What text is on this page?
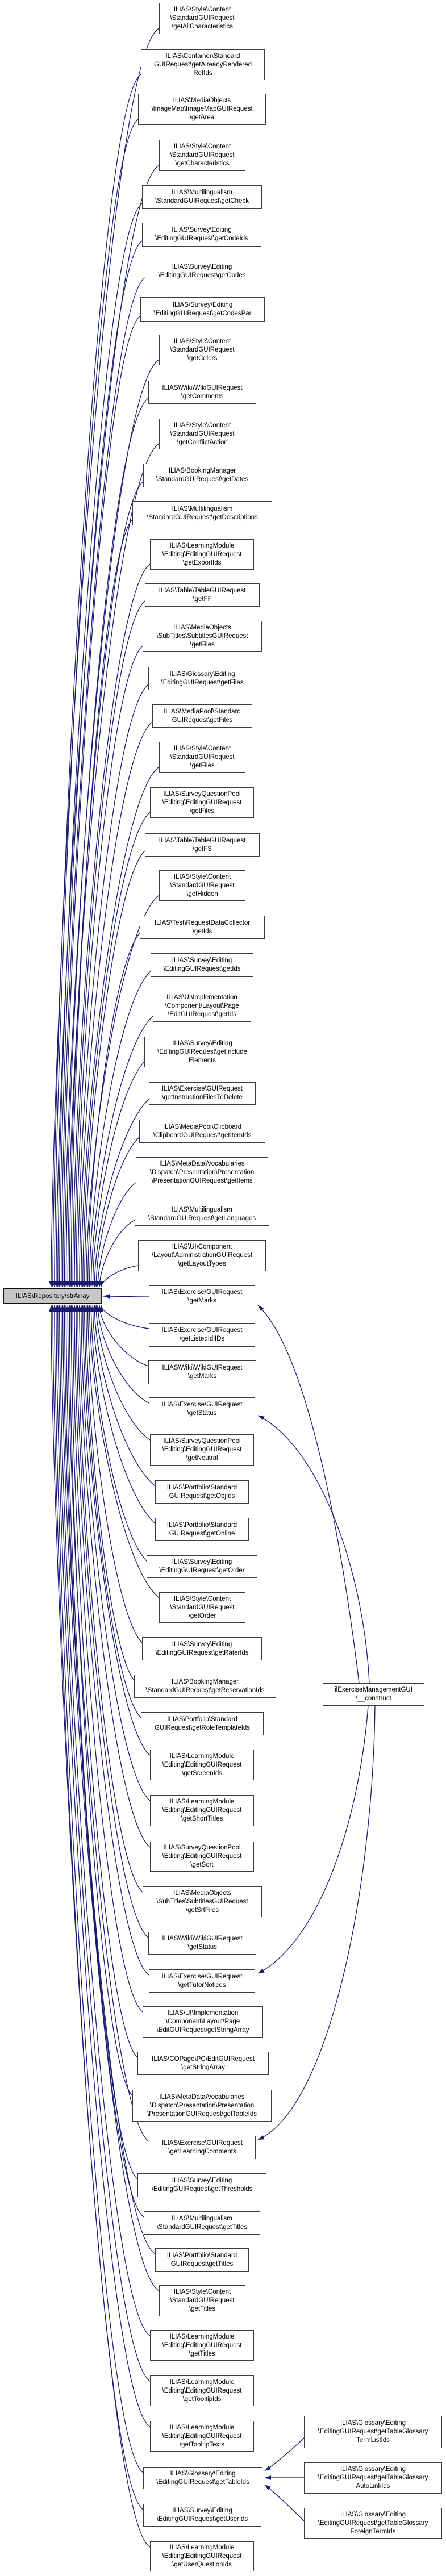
ILIAS\Repository\strArray
ILIAS\Style\Content
\StandardGUIRequest
\getAllCharacteristics
ILIAS\Container\Standard
GUIRequest\getAlreadyRendered
RefIds
ILIAS\MediaObjects
\ImageMap\ImageMapGUIRequest
\getArea
ILIAS\Style\Content
\StandardGUIRequest
\getCharacteristics
ILIAS\Multilingualism
\StandardGUIRequest\getCheck
ILIAS\Survey\Editing
\EditingGUIRequest\getCodeIds
ILIAS\Survey\Editing
\EditingGUIRequest\getCodes
ILIAS\Survey\Editing
\EditingGUIRequest\getCodesPar
ILIAS\Style\Content
\StandardGUIRequest
\getColors
ILIAS\Wiki\WikiGUIRequest
\getComments
ILIAS\Style\Content
\StandardGUIRequest
\getConflictAction
ILIAS\BookingManager
\StandardGUIRequest\getDates
ILIAS\Multilingualism
\StandardGUIRequest\getDescriptions
ILIAS\LearningModule
\Editing\EditingGUIRequest
\getExportIds
ILIAS\Table\TableGUIRequest
\getFF
ILIAS\MediaObjects
\SubTitles\SubtitlesGUIRequest
\getFiles
ILIAS\Glossary\Editing
\EditingGUIRequest\getFiles
ILIAS\MediaPool\Standard
GUIRequest\getFiles
ILIAS\Style\Content
\StandardGUIRequest
\getFiles
ILIAS\SurveyQuestionPool
\Editing\EditingGUIRequest
\getFiles
ILIAS\Table\TableGUIRequest
\getFS
ILIAS\Style\Content
\StandardGUIRequest
\getHidden
ILIAS\Test\RequestDataCollector
\getIds
ILIAS\Survey\Editing
\EditingGUIRequest\getIds
ILIAS\UI\Implementation
\Component\Layout\Page
\EditGUIRequest\getIds
ILIAS\Survey\Editing
\EditingGUIRequest\getInclude
Elements
ILIAS\Exercise\GUIRequest
\getInstructionFilesToDelete
ILIAS\MediaPool\Clipboard
\ClipboardGUIRequest\getItemIds
ILIAS\MetaData\Vocabularies
\Dispatch\Presentation\Presentation
\PresentationGUIRequest\getItems
ILIAS\Multilingualism
\StandardGUIRequest\getLanguages
ILIAS\UI\Component
\Layout\AdministrationGUIRequest
\getLayoutTypes
ILIAS\Exercise\GUIRequest
\getMarks
ILIAS\Exercise\GUIRequest
\getListedIdlIDs
ILIAS\Wiki\WikiGUIRequest
\getMarks
ILIAS\Exercise\GUIRequest
\getStatus
ILIAS\SurveyQuestionPool
\Editing\EditingGUIRequest
\getNeutral
ILIAS\Portfolio\Standard
GUIRequest\getObjIds
ILIAS\Portfolio\Standard
GUIRequest\getOnline
ILIAS\Survey\Editing
\EditingGUIRequest\getOrder
ILIAS\Style\Content
\StandardGUIRequest
\getOrder
ILIAS\Survey\Editing
\EditingGUIRequest\getRaterIds
ILIAS\BookingManager
\StandardGUIRequest\getReservationIds
ILIAS\Portfolio\Standard
GUIRequest\getRoleTemplateIds
ILIAS\LearningModule
\Editing\EditingGUIRequest
\getScreenIds
ILIAS\LearningModule
\Editing\EditingGUIRequest
\getShortTitles
ILIAS\SurveyQuestionPool
\Editing\EditingGUIRequest
\getSort
ILIAS\MediaObjects
\SubTitles\SubtitlesGUIRequest
\getSrtFiles
ILIAS\Wiki\WikiGUIRequest
\getStatus
ILIAS\Exercise\GUIRequest
\getTutorNotices
ILIAS\UI\Implementation
\Component\Layout\Page
\EditGUIRequest\getStringArray
ILIAS\COPage\PC\EditGUIRequest
\getStringArray
ILIAS\MetaData\Vocabularies
\Dispatch\Presentation\Presentation
\PresentationGUIRequest\getTableIds
ILIAS\Exercise\GUIRequest
\getLearningComments
ILIAS\Survey\Editing
\EditingGUIRequest\getThresholds
ILIAS\Multilingualism
\StandardGUIRequest\getTitles
ILIAS\Portfolio\Standard
GUIRequest\getTitles
ILIAS\Style\Content
\StandardGUIRequest
\getTitles
ILIAS\LearningModule
\Editing\EditingGUIRequest
\getTitles
ILIAS\LearningModule
\Editing\EditingGUIRequest
\getTooltipIds
ILIAS\LearningModule
\Editing\EditingGUIRequest
\getTooltipTexts
ILIAS\Glossary\Editing
\EditingGUIRequest\getTableIds
ILIAS\Survey\Editing
\EditingGUIRequest\getUserIds
ILIAS\LearningModule
\Editing\EditingGUIRequest
\getUserQuestionIds
ilExerciseManagementGUI
\__construct
ILIAS\Glossary\Editing
\EditingGUIRequest\getTableGlossary
TermListIds
ILIAS\Glossary\Editing
\EditingGUIRequest\getTableGlossary
AutoLinkIds
ILIAS\Glossary\Editing
\EditingGUIRequest\getTableGlossary
ForeignTermIds
